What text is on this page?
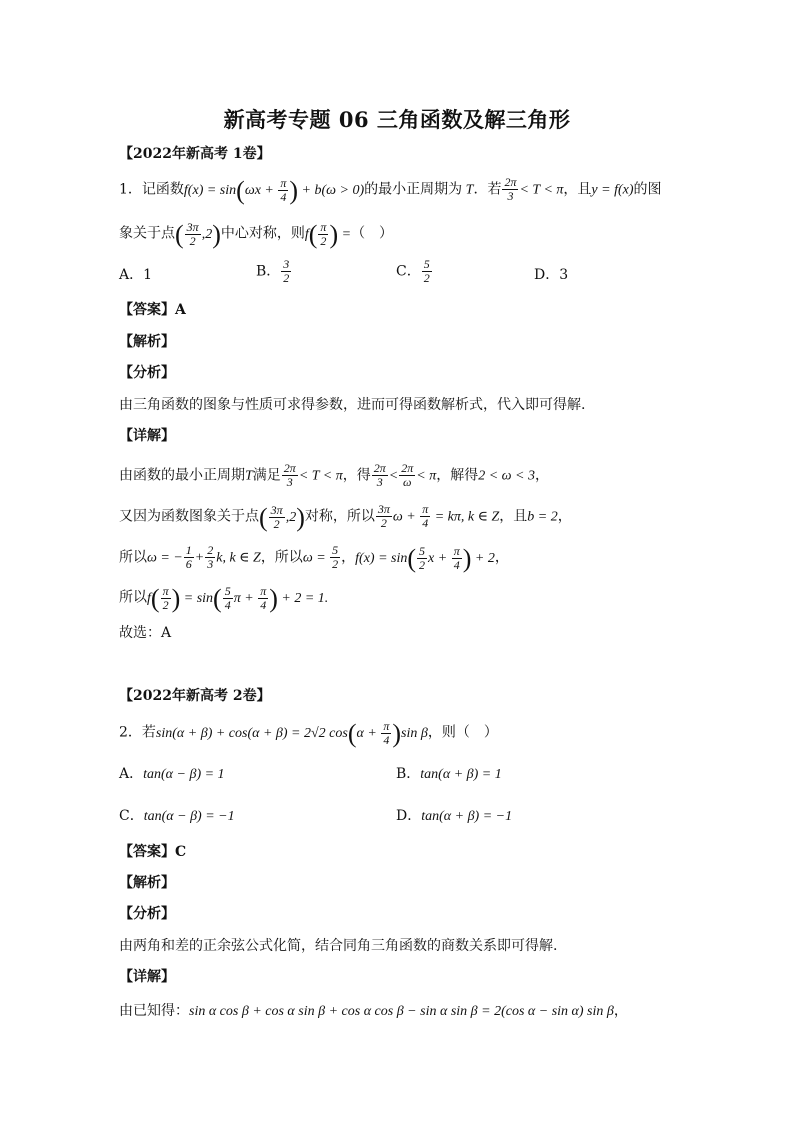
新高考专题 06 三角函数及解三角形
【2022年新高考 1卷】
1．记函数$f(x) = \sin(\omega x + \frac{\pi}{4}$ ) + b(ω > 0)的最小正周期为 T．若 $\frac{2\pi}{3} < T < \pi$，且y = f(x)的图
象关于点( $\frac{3\pi}{2} ,2$)中心对称，则$f( \frac{\pi}{2}$ ) =（　）
A．1	B． $\frac{3}{2}$	C． $\frac{5}{2}$	D．3
【答案】A
【解析】
【分析】
由三角函数的图象与性质可求得参数，进而可得函数解析式，代入即可得解.
【详解】
由函数的最小正周期T满足 $\frac{2\pi}{3} < T < \pi$，得 $\frac{2\pi}{3} < \frac{2\pi}{\omega} < \pi$，解得2 < ω < 3，
又因为函数图象关于点( $\frac{3\pi}{2} ,2$)对称，所以 $\frac{3\pi}{2}$ $\omega + \frac{\pi}{4} = k\pi$, k ∈ Z，且b = 2，
所以ω = − $\frac{1}{6} + \frac{2}{3} k$, k ∈ Z，所以$\omega = \frac{5}{2}$ ，$f(x) = \sin( \frac{5}{2}$ $x + \frac{\pi}{4}$ ) + 2，
所以$f( \frac{\pi}{2}$ ) = $\sin( \frac{5}{4}$ $\pi + \frac{\pi}{4}$ ) + 2 = 1.
故选：A
【2022年新高考 2卷】
2．若sin(α + β) + cos(α + β) = 2√2 $\cos(\alpha + \frac{\pi}{4} )\sin$ β，则（　）
A．tan(α − β) = 1	B．tan(α + β) = 1
C．tan(α − β) = −1	D．tan(α + β) = −1
【答案】C
【解析】
【分析】
由两角和差的正余弦公式化简，结合同角三角函数的商数关系即可得解.
【详解】
由已知得：sin α cos β + cos α sin β + cos α cos β − sin α sin β = 2(cos α − sin α) sin β，
